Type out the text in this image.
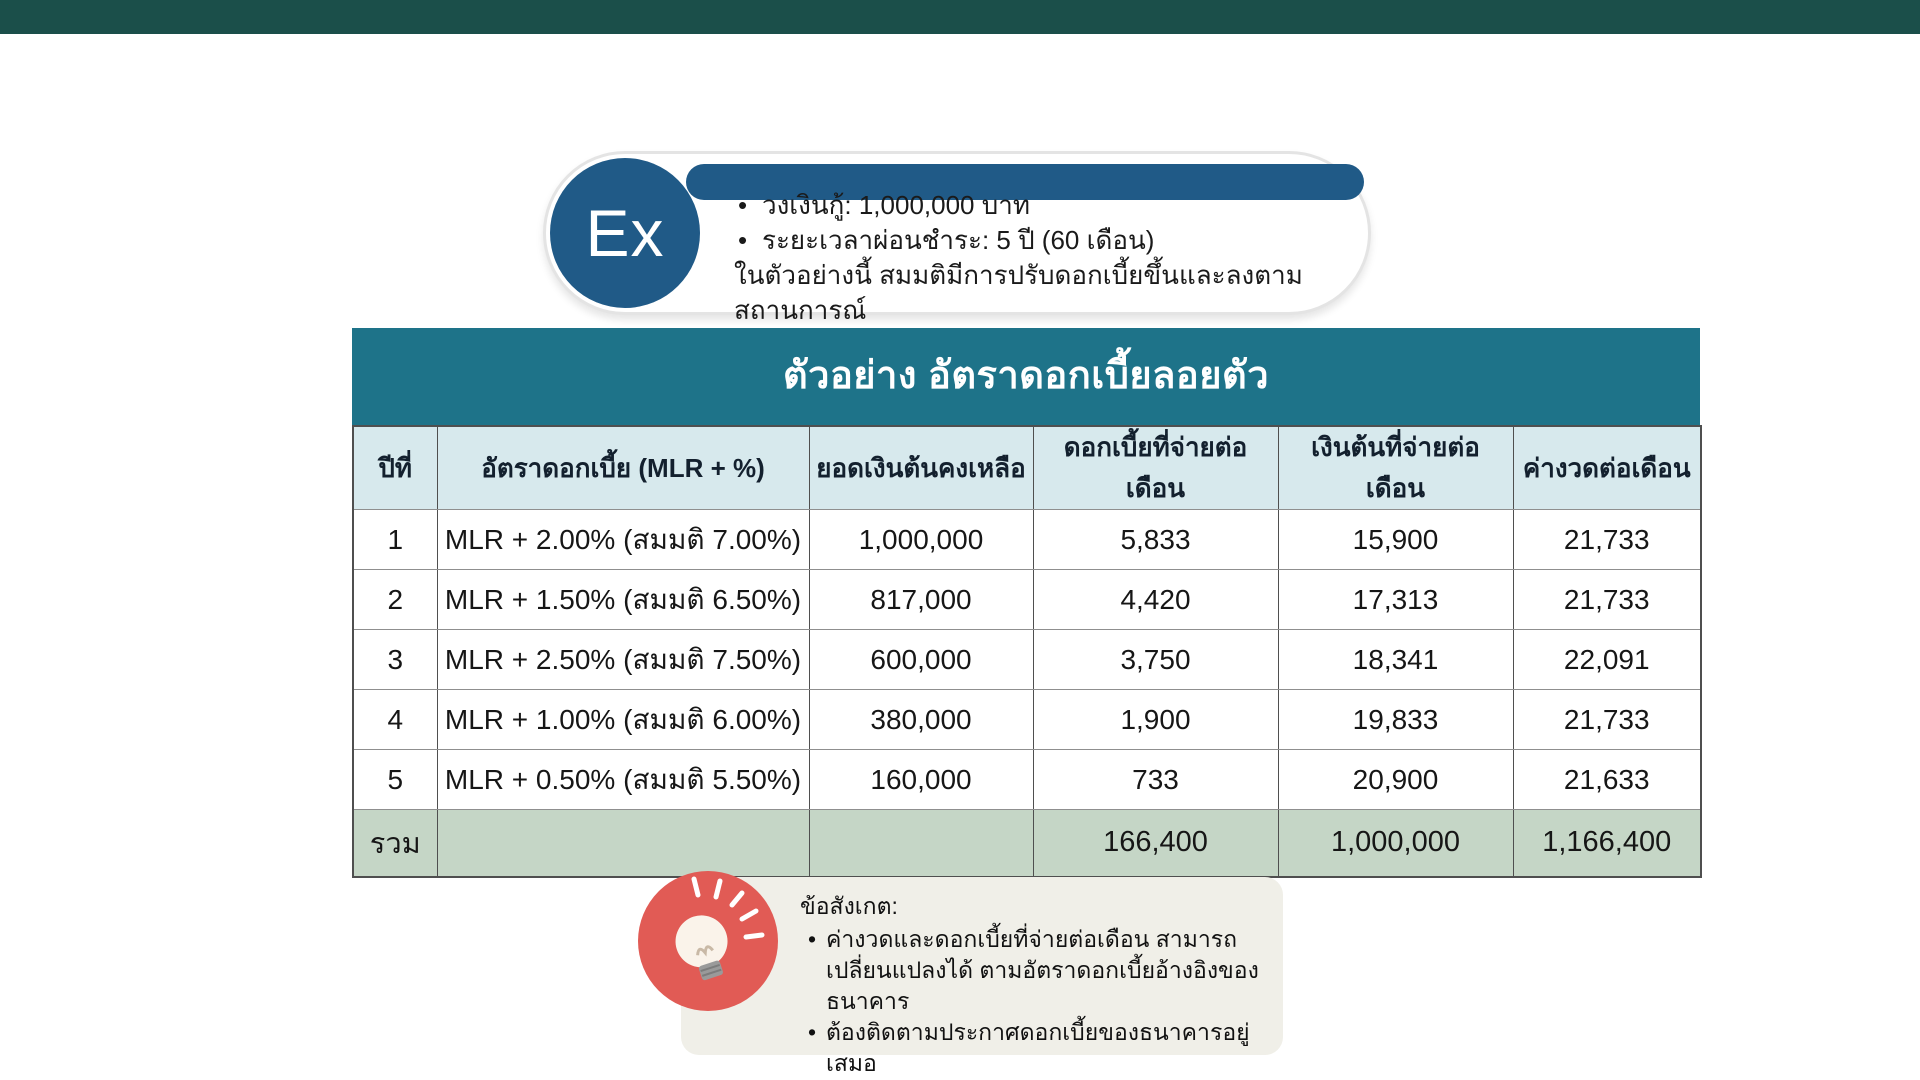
Ex	• วงเงินกู้: 1,000,000 บาท
• ระยะเวลาผ่อนชำระ: 5 ปี (60 เดือน)
ในตัวอย่างนี้ สมมติมีการปรับดอกเบี้ยขึ้นและลงตาม
สถานการณ์
ตัวอย่าง อัตราดอกเบี้ยลอยตัว
ปีที่	อัตราดอกเบี้ย (MLR + %)	ยอดเงินต้นคงเหลือ	ดอกเบี้ยที่จ่ายต่อเดือน	เงินต้นที่จ่ายต่อเดือน	ค่างวดต่อเดือน
1	MLR + 2.00% (สมมติ 7.00%)	1,000,000	5,833	15,900	21,733
2	MLR + 1.50% (สมมติ 6.50%)	817,000	4,420	17,313	21,733
3	MLR + 2.50% (สมมติ 7.50%)	600,000	3,750	18,341	22,091
4	MLR + 1.00% (สมมติ 6.00%)	380,000	1,900	19,833	21,733
5	MLR + 0.50% (สมมติ 5.50%)	160,000	733	20,900	21,633
รวม			166,400	1,000,000	1,166,400
ข้อสังเกต:
• ค่างวดและดอกเบี้ยที่จ่ายต่อเดือน สามารถเปลี่ยนแปลงได้ ตามอัตราดอกเบี้ยอ้างอิงของธนาคาร
• ต้องติดตามประกาศดอกเบี้ยของธนาคารอยู่เสมอ
